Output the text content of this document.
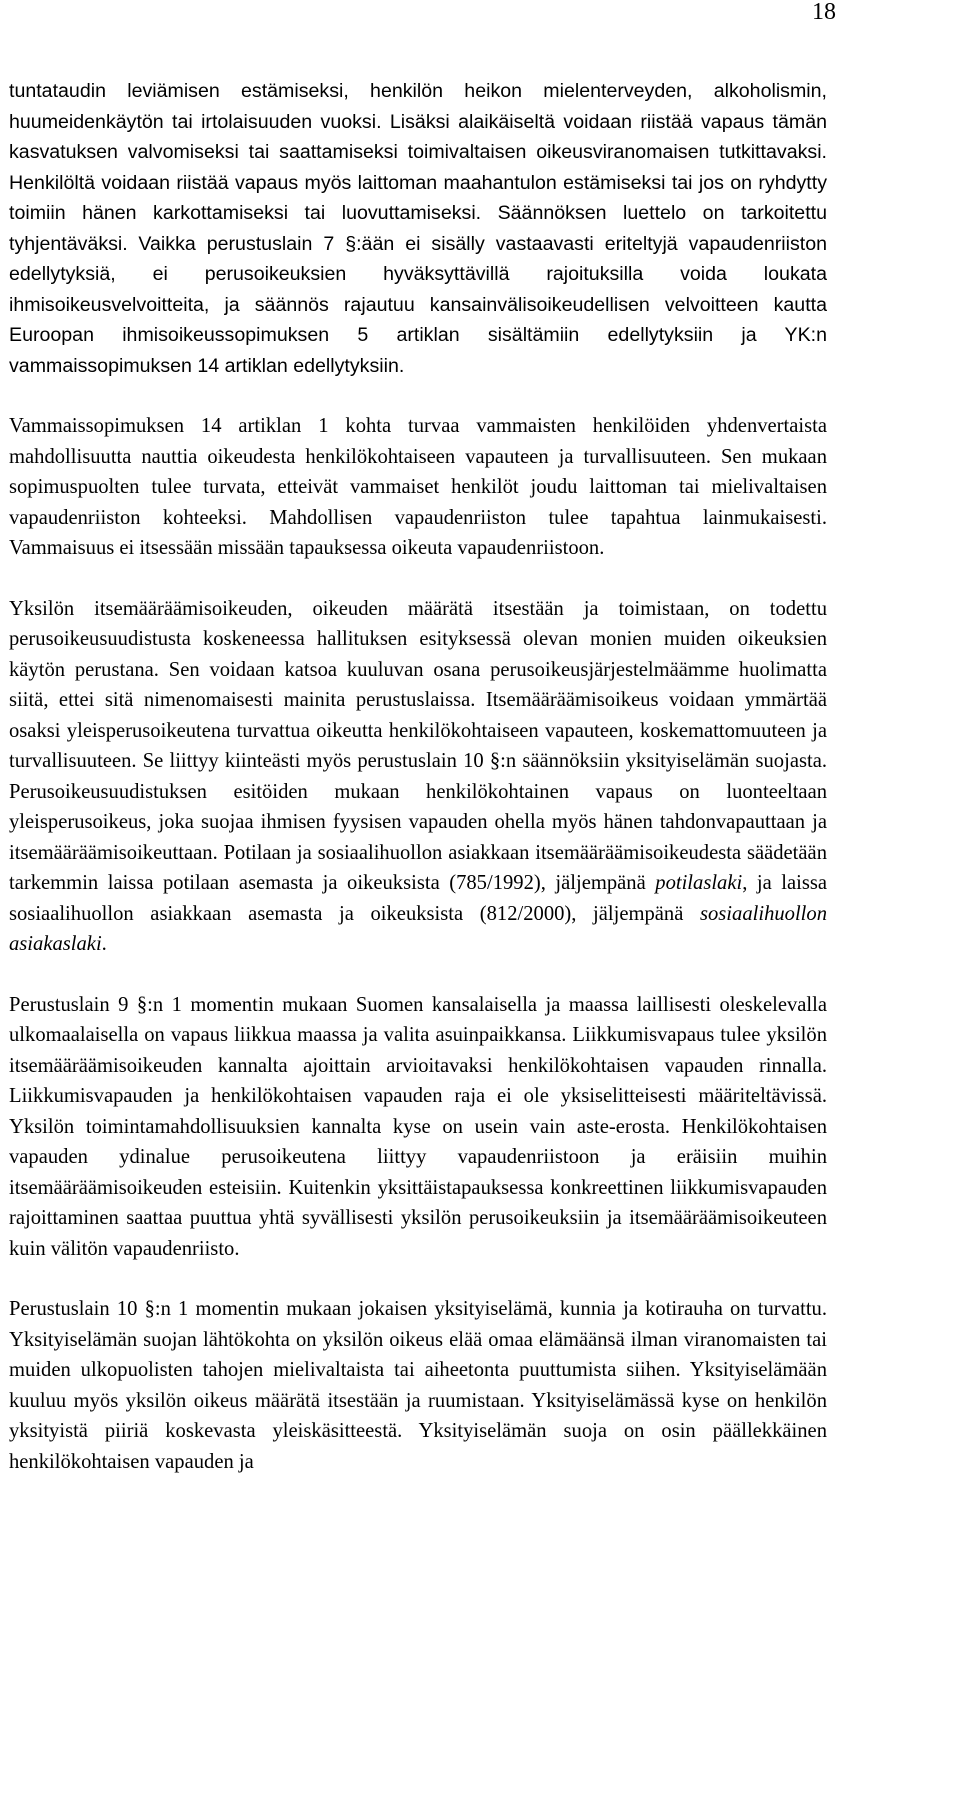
18

tuntataudin leviämisen estämiseksi, henkilön heikon mielenterveyden, alkoholismin, huumeidenkäytön tai irtolaisuuden vuoksi. Lisäksi alaikäiseltä voidaan riistää vapaus tämän kasvatuksen valvomiseksi tai saattamiseksi toimivaltaisen oikeusviranomaisen tutkittavaksi. Henkilöltä voidaan riistää vapaus myös laittoman maahantulon estämiseksi tai jos on ryhdytty toimiin hänen karkottamiseksi tai luovuttamiseksi. Säännöksen luettelo on tarkoitettu tyhjentäväksi. Vaikka perustuslain 7 §:ään ei sisälly vastaavasti eriteltyjä vapaudenriiston edellytyksiä, ei perusoikeuksien hyväksyttävillä rajoituksilla voida loukata ihmisoikeusvelvoitteita, ja säännös rajautuu kansainvälisoikeudellisen velvoitteen kautta Euroopan ihmisoikeussopimuksen 5 artiklan sisältämiin edellytyksiin ja YK:n vammaissopimuksen 14 artiklan edellytyksiin.

Vammaissopimuksen 14 artiklan 1 kohta turvaa vammaisten henkilöiden yhdenvertaista mahdollisuutta nauttia oikeudesta henkilökohtaiseen vapauteen ja turvallisuuteen. Sen mukaan sopimuspuolten tulee turvata, etteivät vammaiset henkilöt joudu laittoman tai mielivaltaisen vapaudenriiston kohteeksi. Mahdollisen vapaudenriiston tulee tapahtua lainmukaisesti. Vammaisuus ei itsessään missään tapauksessa oikeuta vapaudenriistoon.

Yksilön itsemääräämisoikeuden, oikeuden määrätä itsestään ja toimistaan, on todettu perusoikeusuudistusta koskeneessa hallituksen esityksessä olevan monien muiden oikeuksien käytön perustana. Sen voidaan katsoa kuuluvan osana perusoikeusjärjestelmäämme huolimatta siitä, ettei sitä nimenomaisesti mainita perustuslaissa. Itsemääräämisoikeus voidaan ymmärtää osaksi yleisperusoikeutena turvattua oikeutta henkilökohtaiseen vapauteen, koskemattomuuteen ja turvallisuuteen. Se liittyy kiinteästi myös perustuslain 10 §:n säännöksiin yksityiselämän suojasta. Perusoikeusuudistuksen esitöiden mukaan henkilökohtainen vapaus on luonteeltaan yleisperusoikeus, joka suojaa ihmisen fyysisen vapauden ohella myös hänen tahdonvapauttaan ja itsemääräämisoikeuttaan. Potilaan ja sosiaalihuollon asiakkaan itsemääräämisoikeudesta säädetään tarkemmin laissa potilaan asemasta ja oikeuksista (785/1992), jäljempänä potilaslaki, ja laissa sosiaalihuollon asiakkaan asemasta ja oikeuksista (812/2000), jäljempänä sosiaalihuollon asiakaslaki.

Perustuslain 9 §:n 1 momentin mukaan Suomen kansalaisella ja maassa laillisesti oleskelevalla ulkomaalaisella on vapaus liikkua maassa ja valita asuinpaikkansa. Liikkumisvapaus tulee yksilön itsemääräämisoikeuden kannalta ajoittain arvioitavaksi henkilökohtaisen vapauden rinnalla. Liikkumisvapauden ja henkilökohtaisen vapauden raja ei ole yksiselitteisesti määriteltävissä. Yksilön toimintamahdollisuuksien kannalta kyse on usein vain aste-erosta. Henkilökohtaisen vapauden ydinalue perusoikeutena liittyy vapaudenriistoon ja eräisiin muihin itsemääräämisoikeuden esteisiin. Kuitenkin yksittäistapauksessa konkreettinen liikkumisvapauden rajoittaminen saattaa puuttua yhtä syvällisesti yksilön perusoikeuksiin ja itsemääräämisoikeuteen kuin välitön vapaudenriisto.

Perustuslain 10 §:n 1 momentin mukaan jokaisen yksityiselämä, kunnia ja kotirauha on turvattu. Yksityiselämän suojan lähtökohta on yksilön oikeus elää omaa elämäänsä ilman viranomaisten tai muiden ulkopuolisten tahojen mielivaltaista tai aiheetonta puuttumista siihen. Yksityiselämään kuuluu myös yksilön oikeus määrätä itsestään ja ruumistaan. Yksityiselämässä kyse on henkilön yksityistä piiriä koskevasta yleiskäsitteestä. Yksityiselämän suoja on osin päällekkäinen henkilökohtaisen vapauden ja
